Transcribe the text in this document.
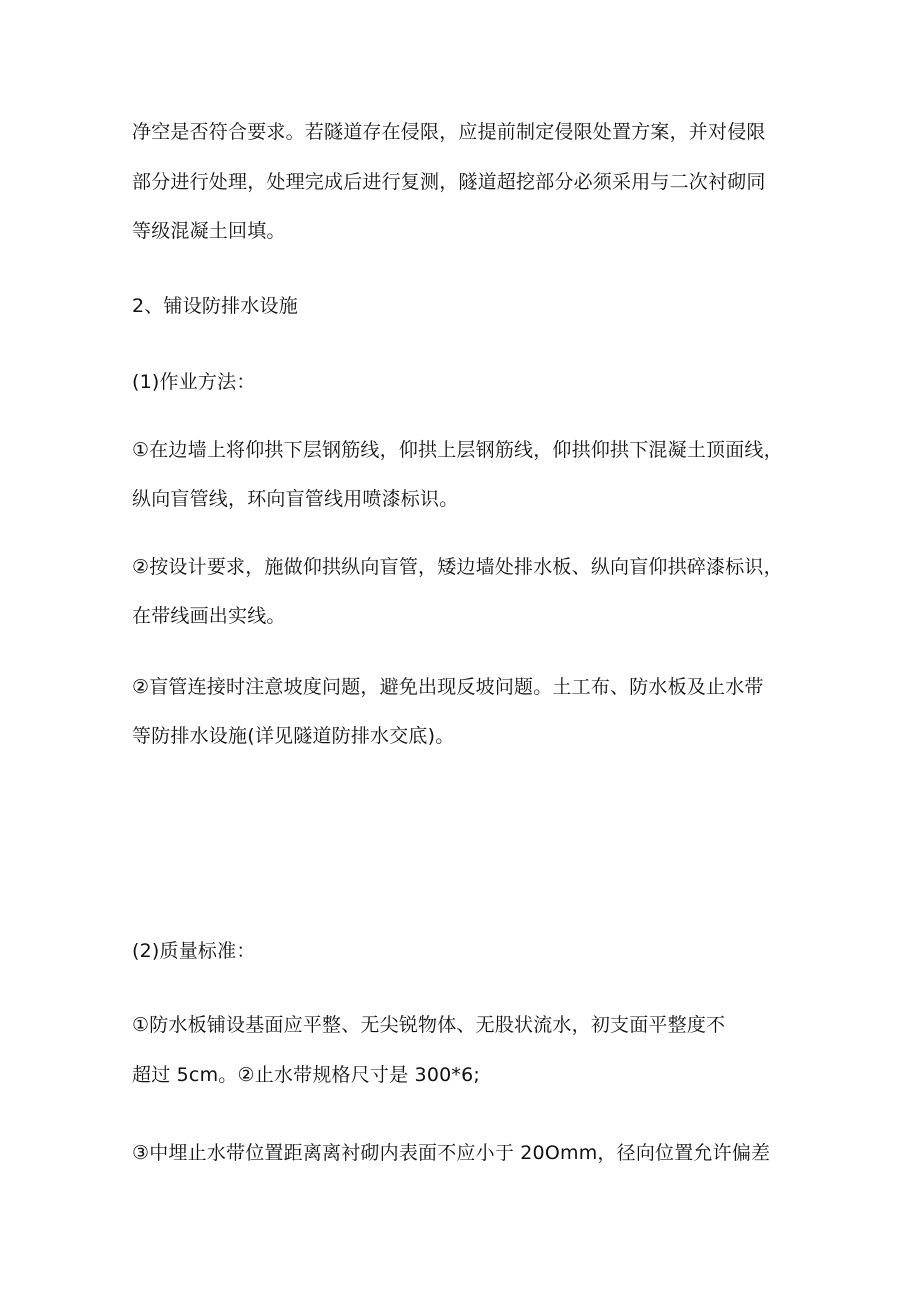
净空是否符合要求。若隧道存在侵限，应提前制定侵限处置方案，并对侵限
部分进行处理，处理完成后进行复测，隧道超挖部分必须采用与二次衬砌同
等级混凝土回填。
2、铺设防排水设施
(1)作业方法：
①在边墙上将仰拱下层钢筋线，仰拱上层钢筋线，仰拱仰拱下混凝土顶面线，
纵向盲管线，环向盲管线用喷漆标识。
②按设计要求，施做仰拱纵向盲管，矮边墙处排水板、纵向盲仰拱碎漆标识，
在带线画出实线。
②盲管连接时注意坡度问题，避免出现反坡问题。土工布、防水板及止水带
等防排水设施(详见隧道防排水交底)。
(2)质量标准：
①防水板铺设基面应平整、无尖锐物体、无股状流水，初支面平整度不
超过 5cm。②止水带规格尺寸是 300*6;
③中埋止水带位置距离离衬砌内表面不应小于 20Omm，径向位置允许偏差
